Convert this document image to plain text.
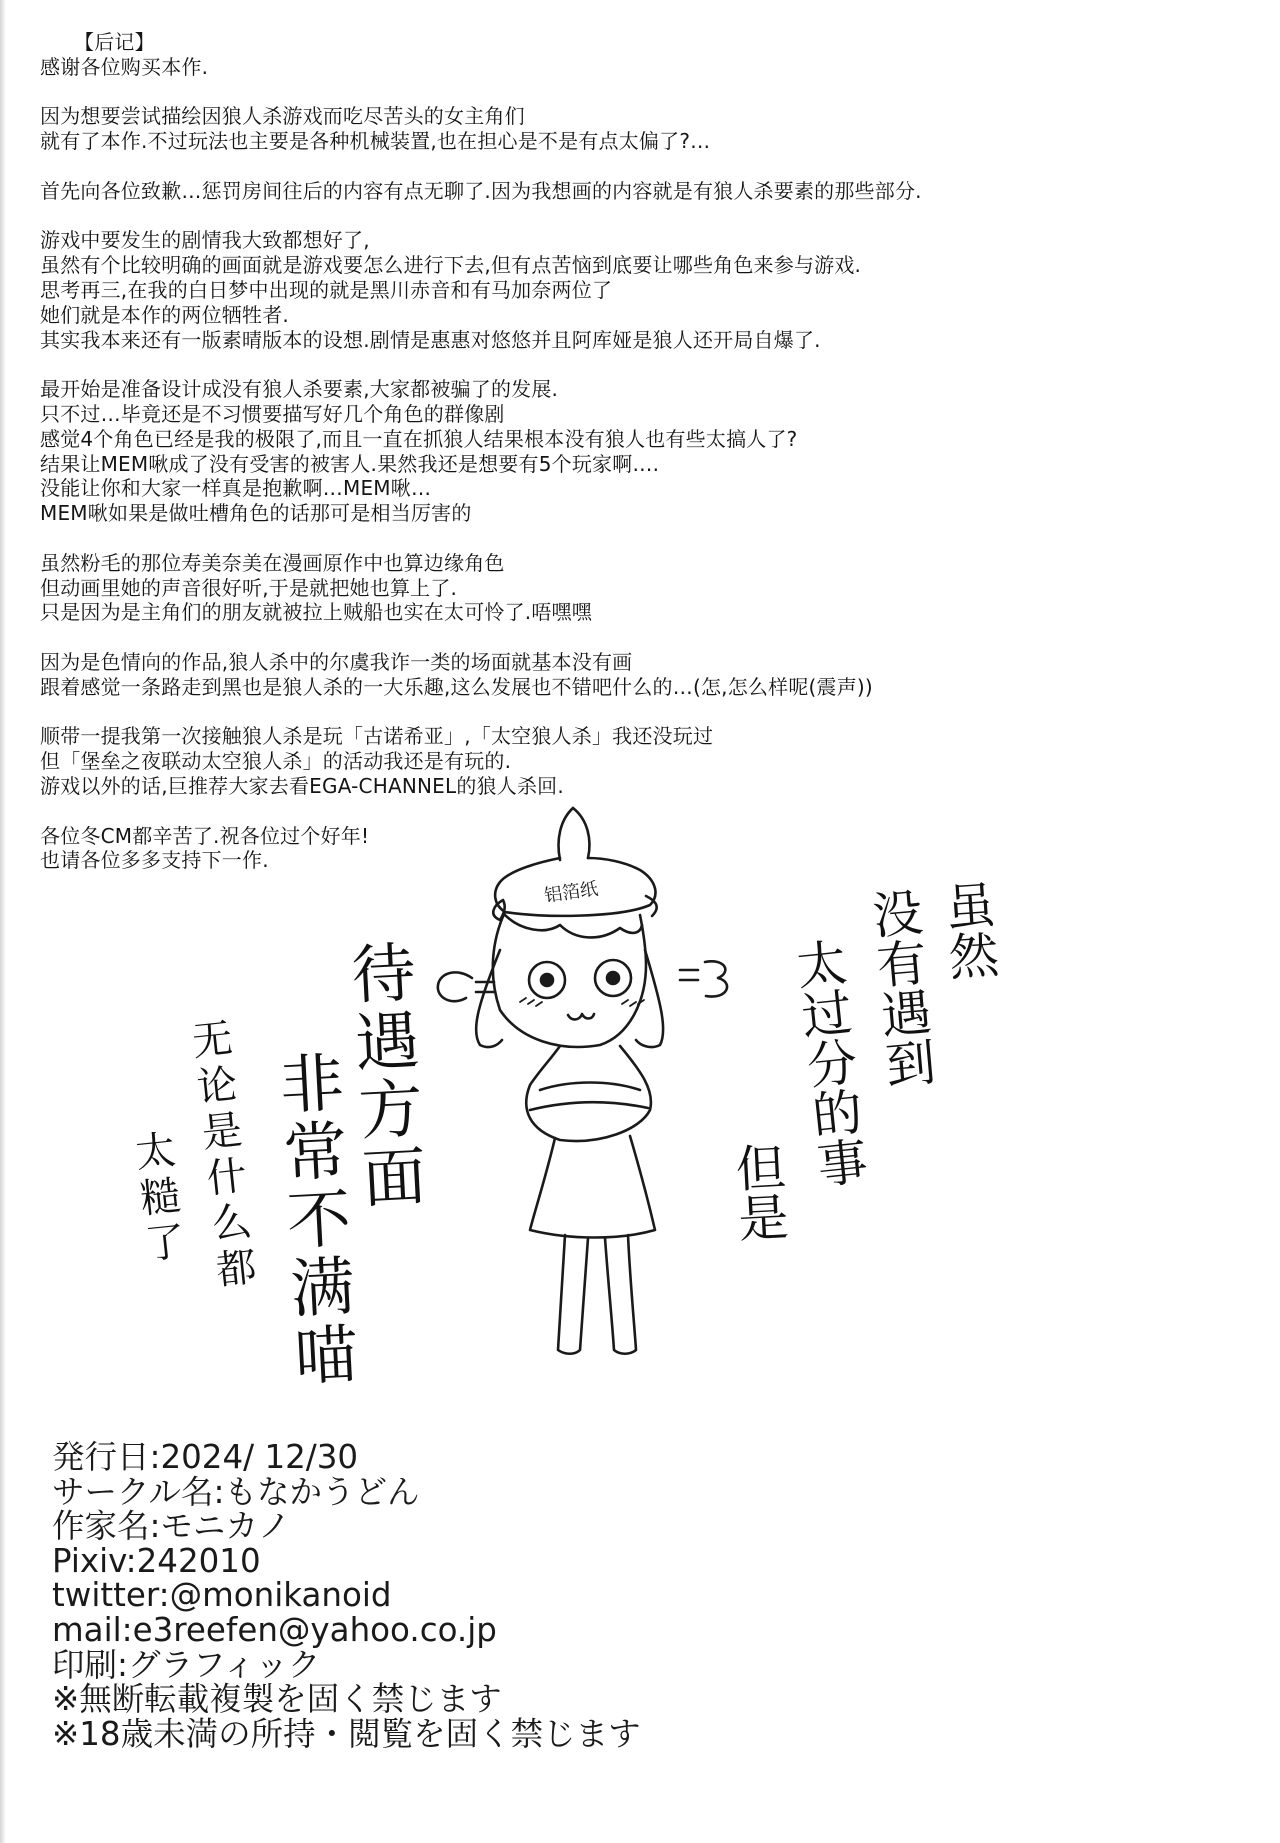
【后记】
感谢各位购买本作.
因为想要尝试描绘因狼人杀游戏而吃尽苦头的女主角们
就有了本作.不过玩法也主要是各种机械装置,也在担心是不是有点太偏了?…
首先向各位致歉…惩罚房间往后的内容有点无聊了.因为我想画的内容就是有狼人杀要素的那些部分.
游戏中要发生的剧情我大致都想好了,
虽然有个比较明确的画面就是游戏要怎么进行下去,但有点苦恼到底要让哪些角色来参与游戏.
思考再三,在我的白日梦中出现的就是黑川赤音和有马加奈两位了
她们就是本作的两位牺牲者.
其实我本来还有一版素晴版本的设想.剧情是惠惠对悠悠并且阿库娅是狼人还开局自爆了.
最开始是准备设计成没有狼人杀要素,大家都被骗了的发展.
只不过…毕竟还是不习惯要描写好几个角色的群像剧
感觉4个角色已经是我的极限了,而且一直在抓狼人结果根本没有狼人也有些太搞人了?
结果让MEM啾成了没有受害的被害人.果然我还是想要有5个玩家啊….
没能让你和大家一样真是抱歉啊…MEM啾…
MEM啾如果是做吐槽角色的话那可是相当厉害的
虽然粉毛的那位寿美奈美在漫画原作中也算边缘角色
但动画里她的声音很好听,于是就把她也算上了.
只是因为是主角们的朋友就被拉上贼船也实在太可怜了.唔嘿嘿
因为是色情向的作品,狼人杀中的尔虞我诈一类的场面就基本没有画
跟着感觉一条路走到黑也是狼人杀的一大乐趣,这么发展也不错吧什么的…(怎,怎么样呢(震声))
顺带一提我第一次接触狼人杀是玩「古诺希亚」,「太空狼人杀」我还没玩过
但「堡垒之夜联动太空狼人杀」的活动我还是有玩的.
游戏以外的话,巨推荐大家去看EGA-CHANNEL的狼人杀回.
各位冬CM都辛苦了.祝各位过个好年!
也请各位多多支持下一作.
铝箔纸	虽然
没有遇到
太过分的事
但是
待遇方面
非常不满喵
无论是什么都
太糙了
発行日:2024/ 12/30
サークル名:もなかうどん
作家名:モニカノ
Pixiv:242010
twitter:@monikanoid
mail:e3reefen@yahoo.co.jp
印刷:グラフィック
※無断転載複製を固く禁じます
※18歳未満の所持・閲覧を固く禁じます
